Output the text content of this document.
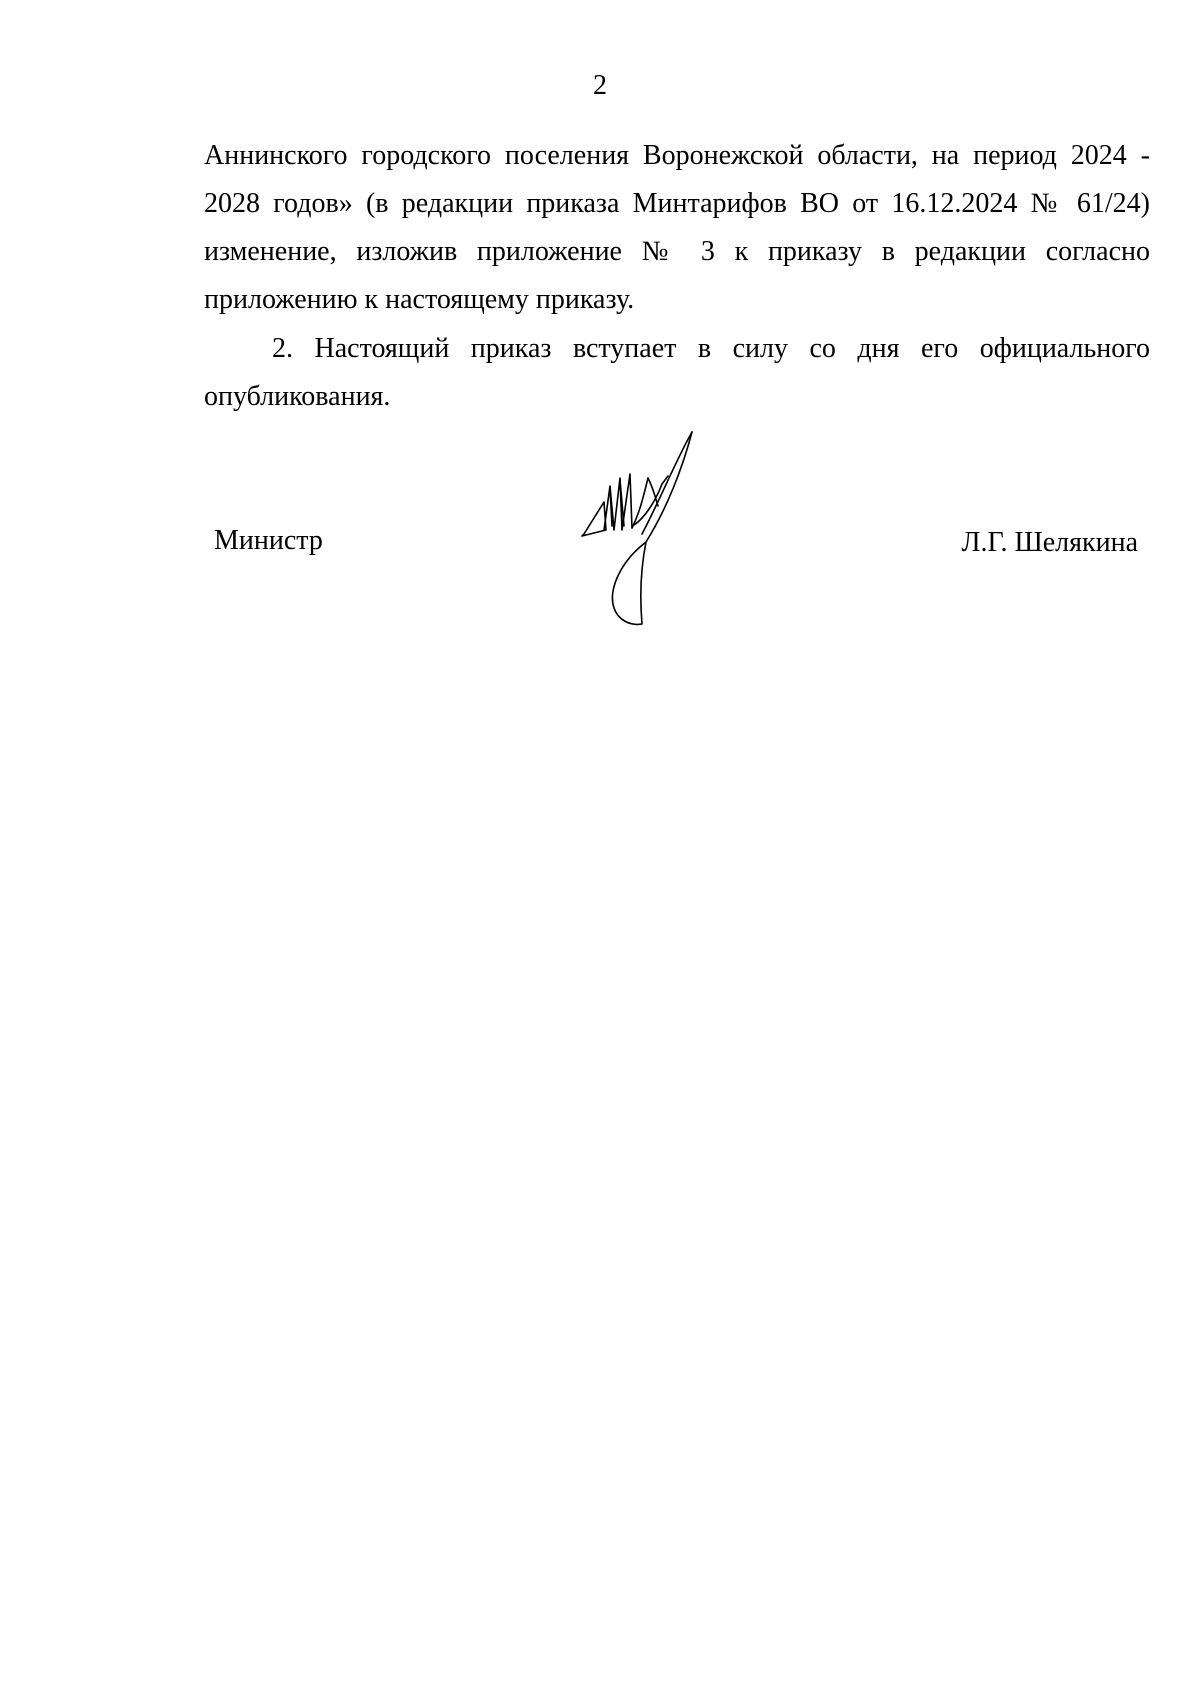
2

Аннинского городского поселения Воронежской области, на период 2024 - 2028 годов» (в редакции приказа Минтарифов ВО от 16.12.2024 № 61/24) изменение, изложив приложение № 3 к приказу в редакции согласно приложению к настоящему приказу.

2. Настоящий приказ вступает в силу со дня его официального опубликования.

Министр	Л.Г. Шелякина
